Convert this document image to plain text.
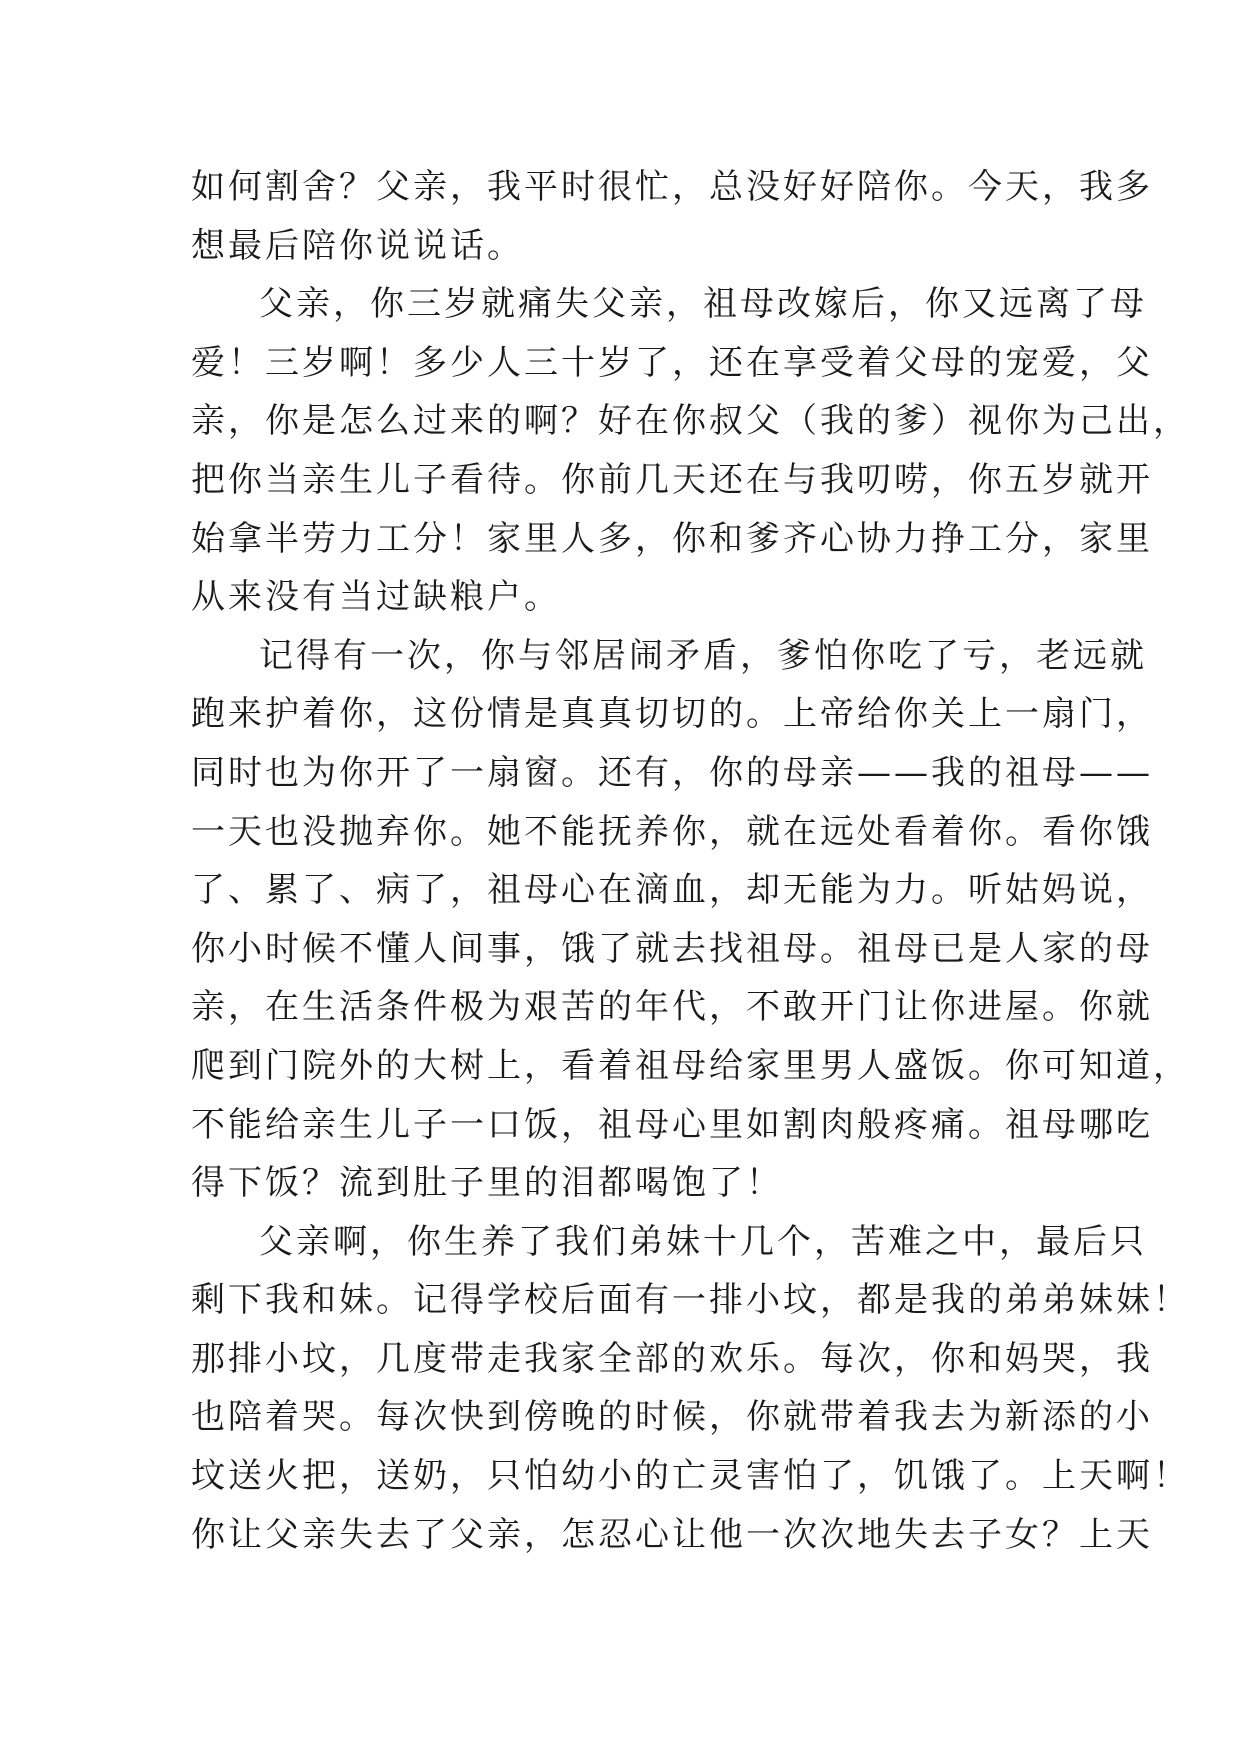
如何割舍？父亲，我平时很忙，总没好好陪你。今天，我多
想最后陪你说说话。
父亲，你三岁就痛失父亲，祖母改嫁后，你又远离了母
爱！三岁啊！多少人三十岁了，还在享受着父母的宠爱，父
亲，你是怎么过来的啊？好在你叔父（我的爹）视你为己出，
把你当亲生儿子看待。你前几天还在与我叨唠，你五岁就开
始拿半劳力工分！家里人多，你和爹齐心协力挣工分，家里
从来没有当过缺粮户。
记得有一次，你与邻居闹矛盾，爹怕你吃了亏，老远就
跑来护着你，这份情是真真切切的。上帝给你关上一扇门，
同时也为你开了一扇窗。还有，你的母亲——我的祖母——
一天也没抛弃你。她不能抚养你，就在远处看着你。看你饿
了、累了、病了，祖母心在滴血，却无能为力。听姑妈说，
你小时候不懂人间事，饿了就去找祖母。祖母已是人家的母
亲，在生活条件极为艰苦的年代，不敢开门让你进屋。你就
爬到门院外的大树上，看着祖母给家里男人盛饭。你可知道，
不能给亲生儿子一口饭，祖母心里如割肉般疼痛。祖母哪吃
得下饭？流到肚子里的泪都喝饱了！
父亲啊，你生养了我们弟妹十几个，苦难之中，最后只
剩下我和妹。记得学校后面有一排小坟，都是我的弟弟妹妹！
那排小坟，几度带走我家全部的欢乐。每次，你和妈哭，我
也陪着哭。每次快到傍晚的时候，你就带着我去为新添的小
坟送火把，送奶，只怕幼小的亡灵害怕了，饥饿了。上天啊！
你让父亲失去了父亲，怎忍心让他一次次地失去子女？上天
